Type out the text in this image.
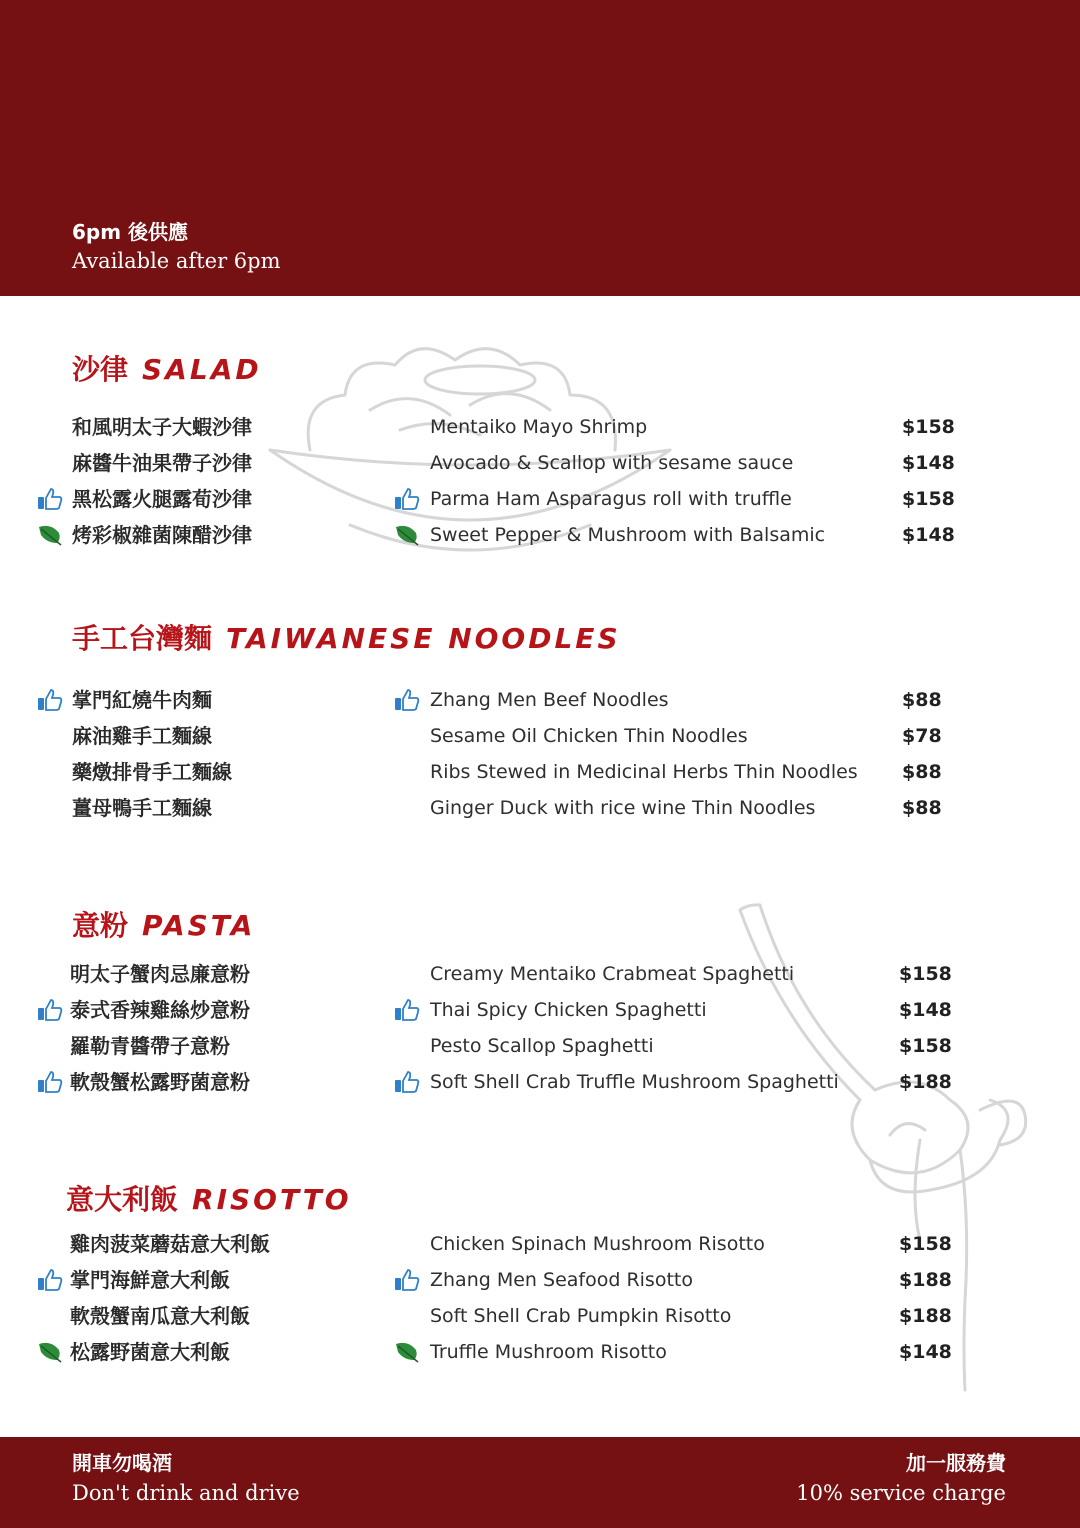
6pm 後供應
Available after 6pm
沙律 SALAD
手工台灣麵 TAIWANESE NOODLES
意粉 PASTA
意大利飯 RISOTTO
和風明太子大蝦沙律	Mentaiko Mayo Shrimp	$158
麻醬牛油果帶子沙律	Avocado & Scallop with sesame sauce	$148
黑松露火腿露荀沙律	Parma Ham Asparagus roll with truffle	$158
烤彩椒雜菌陳醋沙律	Sweet Pepper & Mushroom with Balsamic	$148
掌門紅燒牛肉麵	Zhang Men Beef Noodles	$88
麻油雞手工麵線	Sesame Oil Chicken Thin Noodles	$78
藥燉排骨手工麵線	Ribs Stewed in Medicinal Herbs Thin Noodles $88
薑母鴨手工麵線	Ginger Duck with rice wine Thin Noodles	$88
明太子蟹肉忌廉意粉	Creamy Mentaiko Crabmeat Spaghetti	$158
泰式香辣雞絲炒意粉	Thai Spicy Chicken Spaghetti	$148
羅勒青醬帶子意粉	Pesto Scallop Spaghetti	$158
軟殼蟹松露野菌意粉	Soft Shell Crab Truffle Mushroom Spaghetti	$188
雞肉菠菜蘑菇意大利飯	Chicken Spinach Mushroom Risotto	$158
掌門海鮮意大利飯	Zhang Men Seafood Risotto	$188
軟殼蟹南瓜意大利飯	Soft Shell Crab Pumpkin Risotto	$188
松露野菌意大利飯	Truffle Mushroom Risotto	$148
開車勿喝酒
Don't drink and drive
加一服務費
10% service charge
